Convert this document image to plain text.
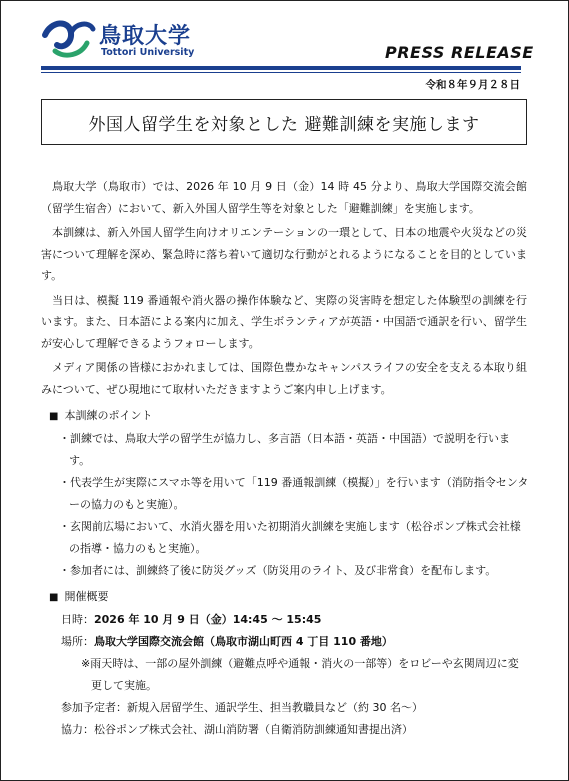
鳥取大学
Tottori University	PRESS RELEASE
令和８年９月２８日
外国人留学生を対象とした 避難訓練を実施します

鳥取大学（鳥取市）では、2026 年 10 月 9 日（金）14 時 45 分より、鳥取大学国際交流会館（留学生宿舎）において、新入外国人留学生等を対象とした「避難訓練」を実施します。

本訓練は、新入外国人留学生向けオリエンテーションの一環として、日本の地震や火災などの災害について理解を深め、緊急時に落ち着いて適切な行動がとれるようになることを目的としています。

当日は、模擬 119 番通報や消火器の操作体験など、実際の災害時を想定した体験型の訓練を行います。また、日本語による案内に加え、学生ボランティアが英語・中国語で通訳を行い、留学生が安心して理解できるようフォローします。

メディア関係の皆様におかれましては、国際色豊かなキャンパスライフの安全を支える本取り組みについて、ぜひ現地にて取材いただきますようご案内申し上げます。

■ 本訓練のポイント
・ 訓練では、鳥取大学の留学生が協力し、多言語（日本語・英語・中国語）で説明を行います。
・ 代表学生が実際にスマホ等を用いて「119 番通報訓練（模擬）」を行います（消防指令センターの協力のもと実施）。
・ 玄関前広場において、水消火器を用いた初期消火訓練を実施します（松谷ポンプ株式会社様の指導・協力のもと実施）。
・ 参加者には、訓練終了後に防災グッズ（防災用のライト、及び非常食）を配布します。
■ 開催概要
日時：2026 年 10 月 9 日（金）14:45 ～ 15:45
場所：鳥取大学国際交流会館（鳥取市湖山町西 4 丁目 110 番地）
※雨天時は、一部の屋外訓練（避難点呼や通報・消火の一部等）をロビーや玄関周辺に変更して実施。
参加予定者：新規入居留学生、通訳学生、担当教職員など（約 30 名～）
協力：松谷ポンプ株式会社、湖山消防署（自衛消防訓練通知書提出済）
